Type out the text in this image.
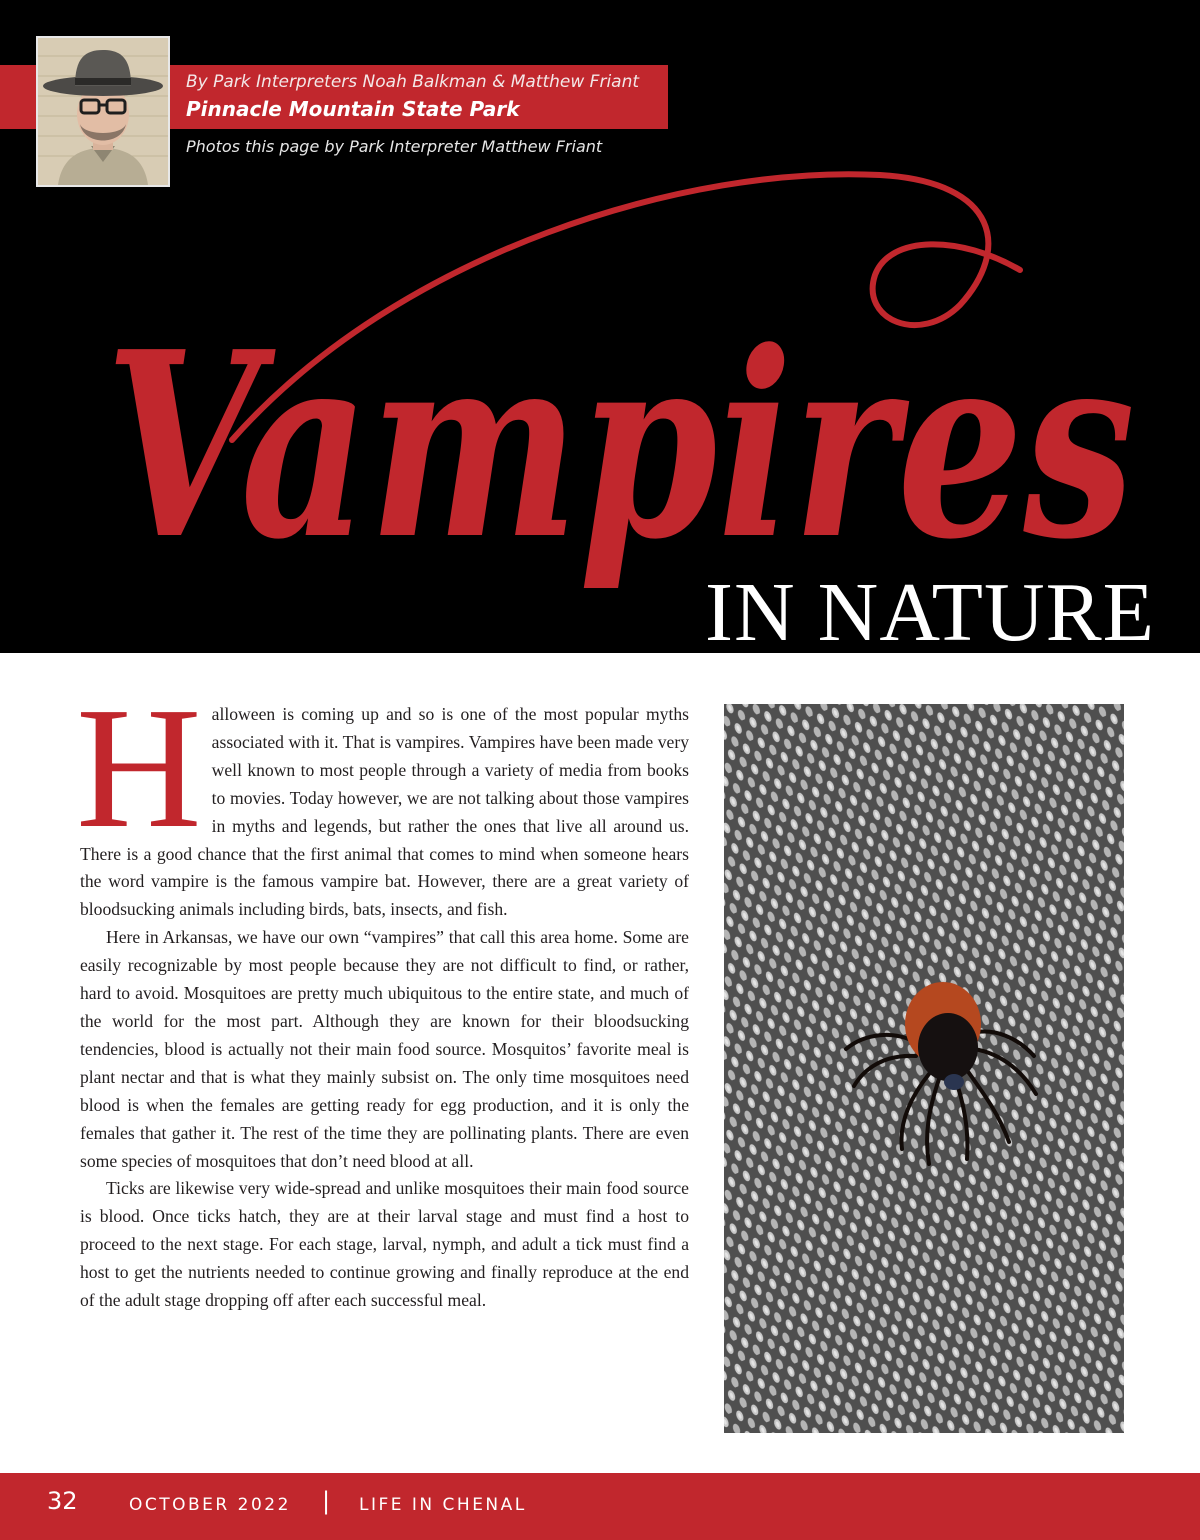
By Park Interpreters Noah Balkman & Matthew Friant
Pinnacle Mountain State Park
Photos this page by Park Interpreter Matthew Friant
Vampires
IN NATURE

Halloween is coming up and so is one of the most popular myths associated with it. That is vampires. Vampires have been made very well known to most people through a variety of media from books to movies. Today however, we are not talking about those vampires in myths and legends, but rather the ones that live all around us. There is a good chance that the first animal that comes to mind when someone hears the word vampire is the famous vampire bat. However, there are a great variety of bloodsucking animals including birds, bats, insects, and fish.

Here in Arkansas, we have our own “vampires” that call this area home. Some are easily recognizable by most people because they are not difficult to find, or rather, hard to avoid. Mosquitoes are pretty much ubiquitous to the entire state, and much of the world for the most part. Although they are known for their bloodsucking tendencies, blood is actually not their main food source. Mosquitos’ favorite meal is plant nectar and that is what they mainly subsist on. The only time mosquitoes need blood is when the females are getting ready for egg production, and it is only the females that gather it. The rest of the time they are pollinating plants. There are even some species of mosquitoes that don’t need blood at all.

Ticks are likewise very wide-spread and unlike mosquitoes their main food source is blood. Once ticks hatch, they are at their larval stage and must find a host to proceed to the next stage. For each stage, larval, nymph, and adult a tick must find a host to get the nutrients needed to continue growing and finally reproduce at the end of the adult stage dropping off after each successful meal.

32	OCTOBER 2022 | LIFE IN CHENAL
